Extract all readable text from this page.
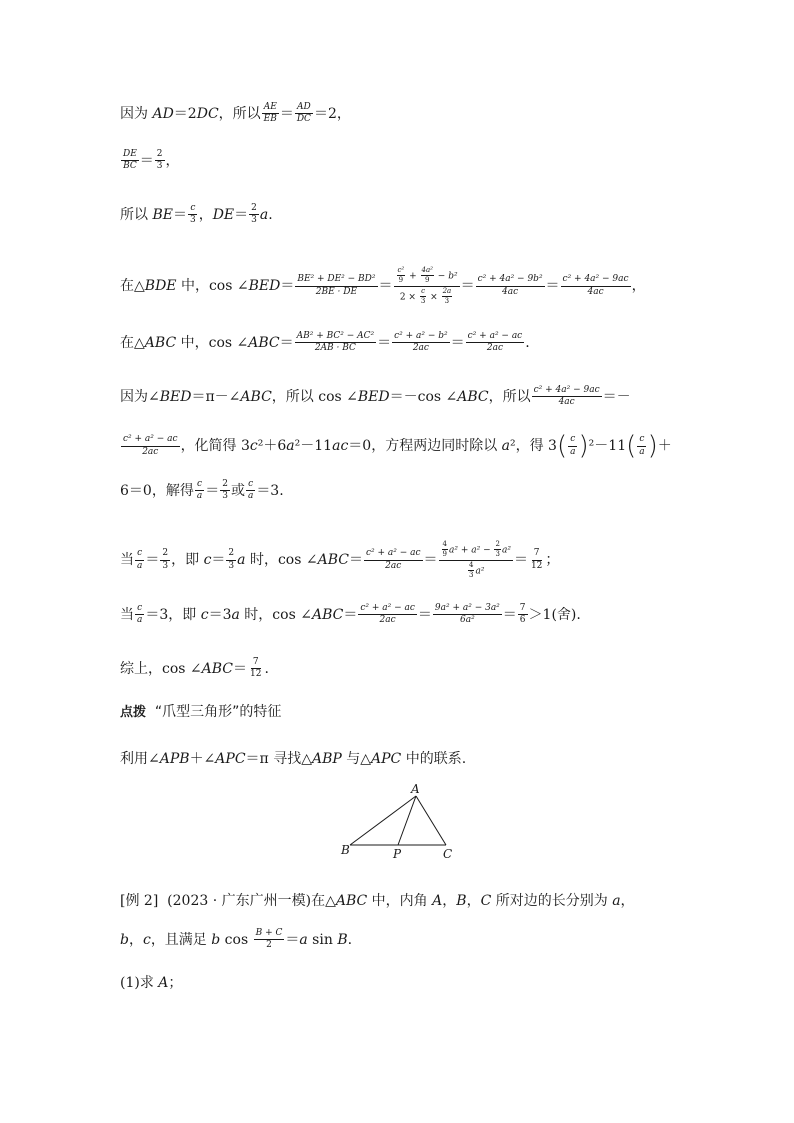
因为 AD ＝2 DC ，所以 $\frac{AE}{EB} = \frac{AD}{DC} =2$，
$\frac{DE}{BC} = \frac{2}{3}$ ，
所以 BE ＝ $\frac{c}{3}$ ， DE ＝ $\frac{2}{3}$ a .
在△ BDE 中，cos ∠ BED ＝ $\frac{\text{BE² + DE² − BD²}}{2BE \cdot DE} = \frac{\frac{\text{c²}}{9} + \frac{\text{4a²}}{9} - b^2}{2 \times \frac{c}{3} \times \frac{2a}{3}} = \frac{\text{c² + 4a² − 9b²}}{4ac} = \frac{\text{c² + 4a² − 9ac}}{4ac}$ ，
在△ ABC 中，cos ∠ ABC ＝ $\frac{\text{AB² + BC² − AC²}}{2AB \cdot BC} = \frac{\text{c² + a² − b²}}{2ac} = \frac{\text{c² + a² − ac}}{2ac}$ .
因为∠ BED ＝π－∠ ABC ，所以 cos ∠ BED ＝－cos ∠ ABC ，所以 $\frac{\text{c² + 4a² − 9ac}}{4ac}$ ＝－
$\frac{\text{c² + a² − ac}}{2ac}$ ，化简得 3 c ²＋6 a ²－11 ac ＝0，方程两边同时除以 a ²，得 3 ( $\frac{c}{a}$ ) ²－11 ( $\frac{c}{a}$ ) ＋
6＝0，解得 $\frac{c}{a} = \frac{2}{3}$ 或 $\frac{c}{a} =3$.
当 $\frac{c}{a} = \frac{2}{3}$ ，即 $c = \frac{2}{3}$ a 时，cos ∠ ABC ＝ $\frac{\text{c² + a² − ac}}{2ac} = \frac{\frac{4}{9} a^2 + a^2 - \frac{2}{3} a^2}{\frac{4}{3} a^2} = \frac{7}{12}$ ；
当 $\frac{c}{a} =3$，即 c ＝3 a 时，cos ∠ ABC ＝ $\frac{\text{c² + a² − ac}}{2ac} = \frac{\text{9a² + a² − 3a²}}{\text{6a²}} = \frac{7}{6} >1$(舍).
综上，cos ∠ ABC ＝ $\frac{7}{12}$ .
点拨 “爪型三角形”的特征
利用∠ APB ＋∠ APC ＝π 寻找△ ABP 与△ APC 中的联系.
A
B	P	C
[例 2] (2023 · 广东广州一模)在△ ABC 中，内角 A ， B ， C 所对边的长分别为 a ，
b ， c ，且满足 b $\cos \frac{B + C}{2} = a$ sin B .
(1)求 A ；
